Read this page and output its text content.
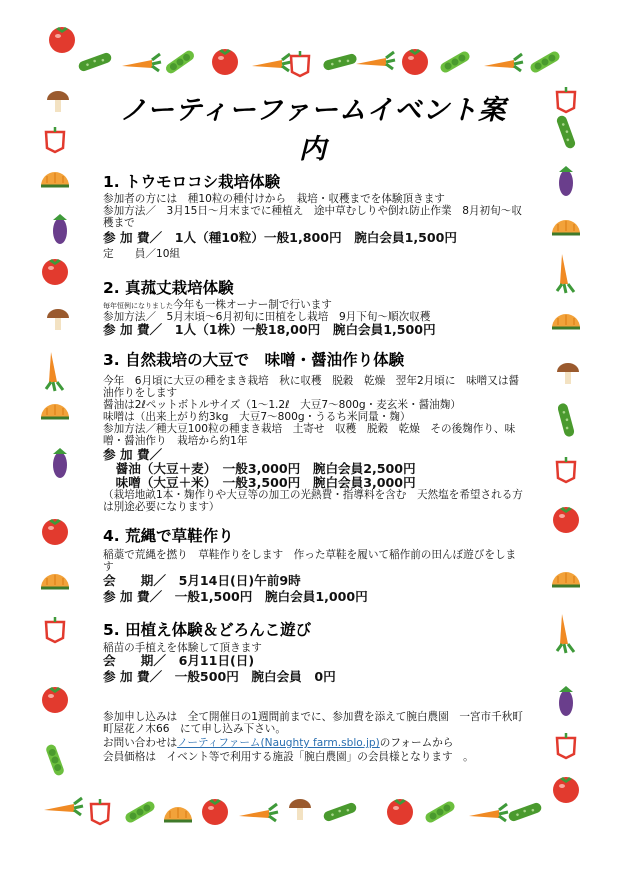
ノーティーファームイベント案内
1. トウモロコシ栽培体験
参加者の方には　種10粒の種付けから　栽培・収穫までを体験頂きます
参加方法／　3月15日～月末までに種植え　途中草むしりや倒れ防止作業　8月初旬～収穫まで
参 加 費／　1人（種10粒）一般1,800円　腕白会員1,500円
定　　員／10組
2. 真菰丈栽培体験
毎年恒例になりました今年も一株オーナー制で行います
参加方法／　5月末頃～6月初旬に田植をし栽培　9月下旬～順次収穫
参 加 費／　1人（1株）一般18,00円　腕白会員1,500円
3. 自然栽培の大豆で　味噌・醤油作り体験
今年　6月頃に大豆の種をまき栽培　秋に収穫　脱穀　乾燥　翌年2月頃に　味噌又は醤油作りをします
醤油は2ℓペットボトルサイズ（1～1.2ℓ　大豆7～800g・麦玄米・醤油麹）
味噌は（出来上がり約3kg　大豆7～800g・うるち米同量・麹）
参加方法／種大豆100粒の種まき栽培　土寄せ　収穫　脱穀　乾燥　その後麹作り、味噌・醤油作り　栽培から約1年
参 加 費／
　醤油（大豆＋麦）　一般3,000円　腕白会員2,500円
　味噌（大豆＋米）　一般3,500円　腕白会員3,000円
（栽培地畝1本・麹作りや大豆等の加工の光熱費・指導料を含む　天然塩を希望される方は別途必要になります）
4. 荒縄で草鞋作り
稲藁で荒縄を撚り　草鞋作りをします　作った草鞋を履いて稲作前の田んぼ遊びをします
会　　期／　5月14日(日)午前9時
参 加 費／　一般1,500円　腕白会員1,000円
5. 田植え体験＆どろんこ遊び
稲苗の手植えを体験して頂きます
会　　期／　6月11日(日)
参 加 費／　一般500円　腕白会員　0円
参加申し込みは　全て開催日の1週間前までに、参加費を添えて腕白農園　一宮市千秋町町屋花ノ木66　にて申し込み下さい。
お問い合わせはノーティファーム(Naughty farm.sblo.jp)のフォームから
会員価格は　イベント等で利用する施設「腕白農園」の会員様となります　。
